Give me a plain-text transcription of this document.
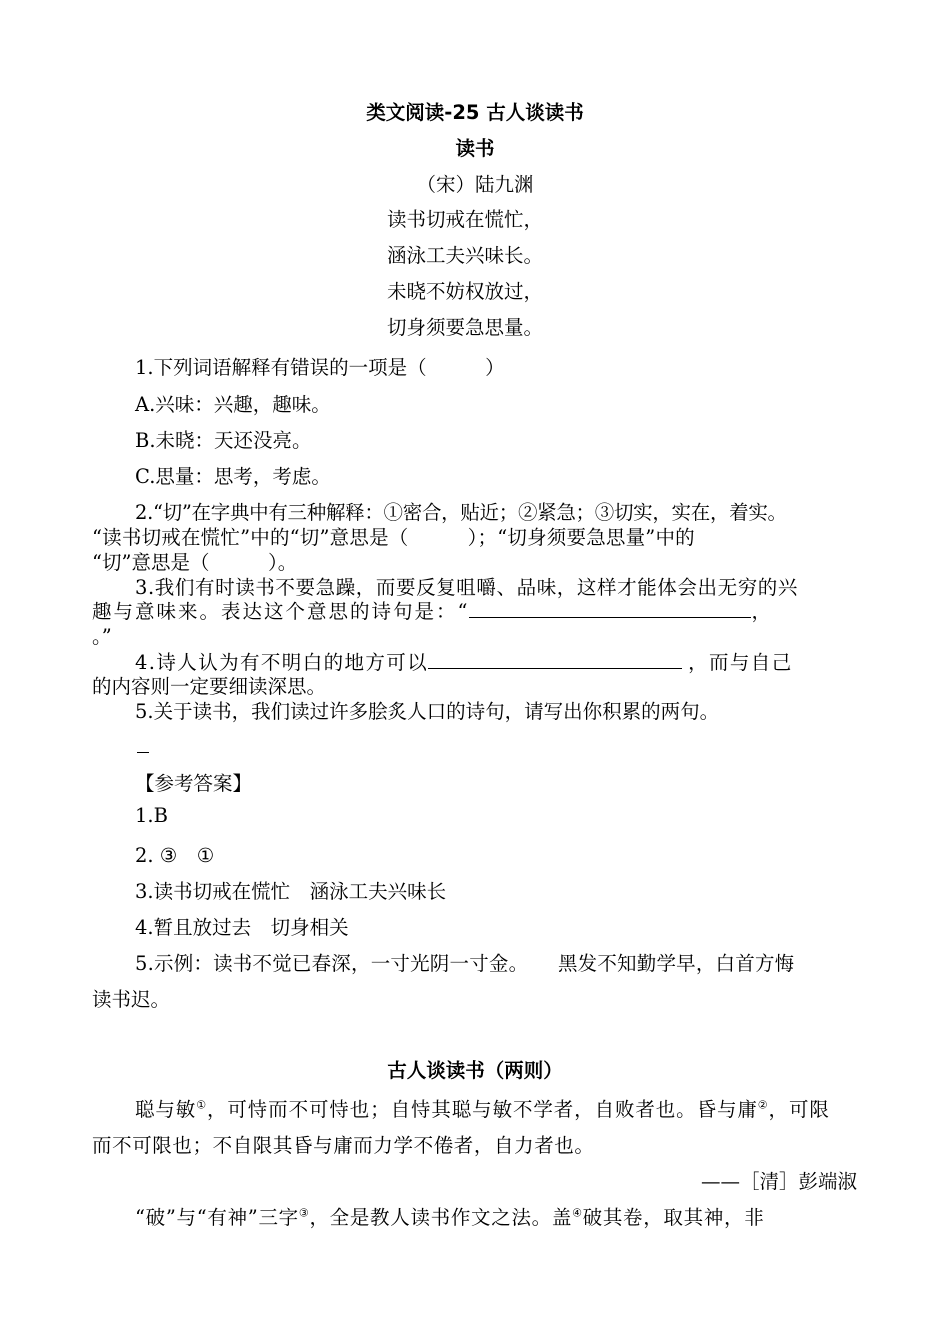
类文阅读-25 古人谈读书
读书
（宋）陆九渊
读书切戒在慌忙，
涵泳工夫兴味长。
未晓不妨权放过，
切身须要急思量。
1.下列词语解释有错误的一项是（　　　）
A.兴味：兴趣，趣味。
B.未晓：天还没亮。
C.思量：思考，考虑。
2.“切”在字典中有三种解释：①密合，贴近；②紧急；③切实，实在，着实。
“读书切戒在慌忙”中的“切”意思是（　　　）；“切身须要急思量”中的
“切”意思是（　　　）。
3.我们有时读书不要急躁，而要反复咀嚼、品味，这样才能体会出无穷的兴
趣与意味来。表达这个意思的诗句是：“	，
。”
4.诗人认为有不明白的地方可以	，而与自己
的内容则一定要细读深思。
5.关于读书，我们读过许多脍炙人口的诗句，请写出你积累的两句。
【参考答案】
1.B
2. ③　①
3.读书切戒在慌忙　涵泳工夫兴味长
4.暂且放过去　切身相关
5.示例：读书不觉已春深，一寸光阴一寸金。　　黑发不知勤学早，白首方悔
读书迟。
古人谈读书（两则）
聪与敏①，可恃而不可恃也；自恃其聪与敏不学者，自败者也。昏与庸②，可限
而不可限也；不自限其昏与庸而力学不倦者，自力者也。
——［清］彭端淑
“破”与“有神”三字③，全是教人读书作文之法。盖④破其卷，取其神，非
